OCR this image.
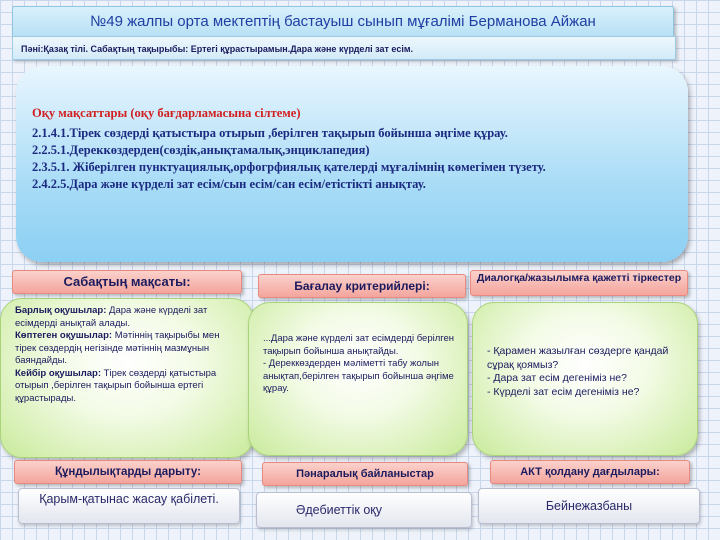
№49 жалпы орта мектептің бастауыш сынып мұғалімі Берманова Айжан
Пәні:Қазақ тілі. Сабақтың тақырыбы: Ертегі құрастырамын.Дара және күрделі зат есім.
Оқу мақсаттары (оқу бағдарламасына сілтеме)
2.1.4.1.Тірек сөздерді қатыстыра отырып ,берілген тақырып бойынша әңгіме құрау.
2.2.5.1.Дереккөздерден(сөздік,анықтамалық,энциклапедия)
2.3.5.1. Жіберілген пунктуациялық,орфогрфиялық қателерді мұғалімнің көмегімен түзету.
2.4.2.5.Дара және күрделі зат есім/сын есім/сан есім/етістікті анықтау.
Сабақтың мақсаты:	Бағалау критерийлері:
Диалогқа/жазылымға қажетті тіркестер

Барлық оқушылар: Дара және күрделі зат есімдерді анықтай алады.

Көптеген оқушылар: Мәтіннің тақырыбы мен тірек сөздердің негізінде мәтіннің мазмұнын баяндайды.

Кейбір оқушылар: Тірек сөздерді қатыстыра отырып ,берілген тақырып бойынша ертегі құрастырады.

...Дара және күрделі зат есімдерді берілген тақырып бойынша анықтайды.

- Дереккөздерден мәліметті табу жолын анықтап,берілген тақырып бойынша әңгіме құрау.

- Қарамен жазылған сөздерге қандай сұрақ қоямыз?

- Дара зат есім дегеніміз не?

- Күрделі зат есім дегеніміз не?

Құндылықтарды дарыту:	Пәнаралық байланыстар	АКТ қолдану дағдылары:
Қарым-қатынас жасау қабілеті.
Әдебиеттік оқу	Бейнежазбаны
